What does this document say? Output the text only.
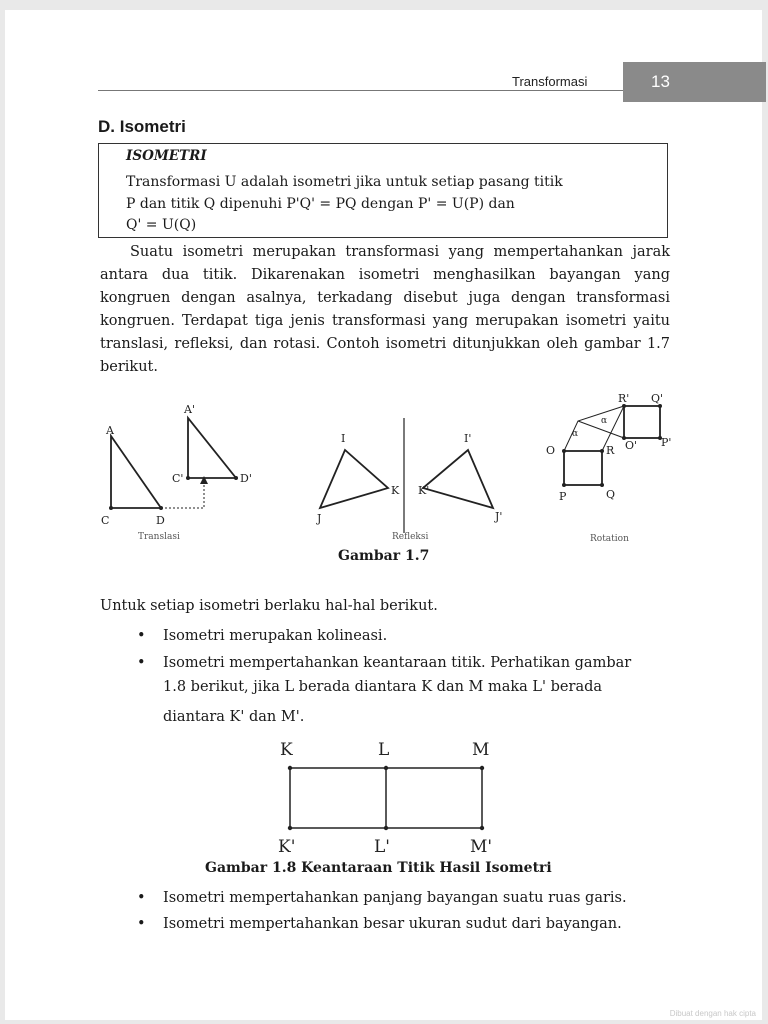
Transformasi	13
D. Isometri
ISOMETRI
Transformasi U adalah isometri jika untuk setiap pasang titik
P dan titik Q dipenuhi P'Q' = PQ dengan P' = U(P) dan
Q' = U(Q)

Suatu isometri merupakan transformasi yang mempertahankan jarak antara dua titik. Dikarenakan isometri menghasilkan bayangan yang kongruen dengan asalnya, terkadang disebut juga dengan transformasi kongruen. Terdapat tiga jenis transformasi yang merupakan isometri yaitu translasi, refleksi, dan rotasi. Contoh isometri ditunjukkan oleh gambar 1.7 berikut.

A
C	D
A'
C'	D'
I
J
K
I'
J'
K'
O	R
P	Q
R' Q'
O' P'
α
α
Translasi	Refleksi	Rotation
Gambar 1.7
Untuk setiap isometri berlaku hal-hal berikut.
• Isometri merupakan kolineasi.
• Isometri mempertahankan keantaraan titik. Perhatikan gambar
1.8 berikut, jika L berada diantara K dan M maka L' berada
diantara K' dan M'.
K	L	M
K'	L'	M'
Gambar 1.8 Keantaraan Titik Hasil Isometri
• Isometri mempertahankan panjang bayangan suatu ruas garis.
• Isometri mempertahankan besar ukuran sudut dari bayangan.
Dibuat dengan hak cipta
